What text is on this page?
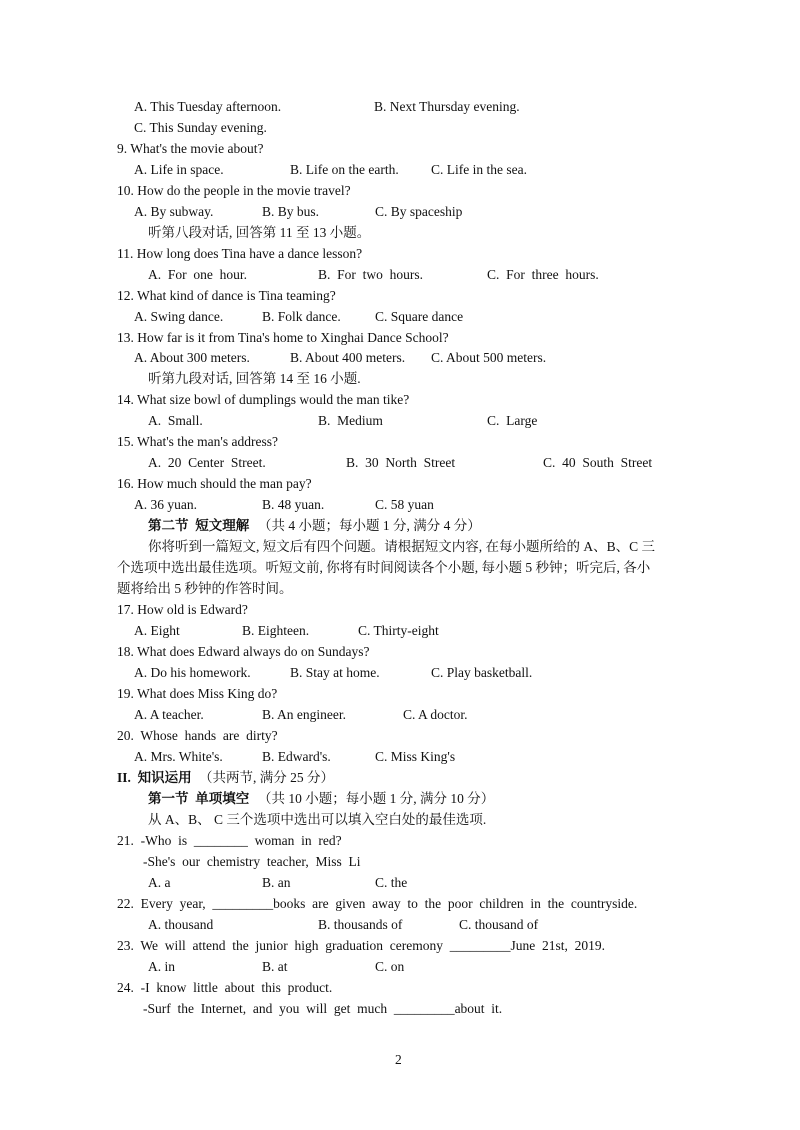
A. This Tuesday afternoon.	B. Next Thursday evening.
C. This Sunday evening.
9. What's the movie about?
A. Life in space.	B. Life on the earth. C. Life in the sea.
10. How do the people in the movie travel?
A. By subway.	B. By bus.	C. By spaceship
听第八段对话, 回答第 11 至 13 小题。
11. How long does Tina have a dance lesson?
A.  For  one  hour.	B.  For  two  hours.	C.  For  three  hours.
12. What kind of dance is Tina teaming?
A. Swing dance.	B. Folk dance.	C. Square dance
13. How far is it from Tina's home to Xinghai Dance School?
A. About 300 meters.	B. About 400 meters. C. About 500 meters.
听第九段对话, 回答第 14 至 16 小题.
14. What size bowl of dumplings would the man tike?
A.  Small.	B.  Medium	C.  Large
15. What's the man's address?
A.  20  Center  Street.	B.  30  North  Street	C.  40  South  Street
16. How much should the man pay?
A. 36 yuan.	B. 48 yuan.	C. 58 yuan
第二节  短文理解 （共 4 小题；每小题 1 分, 满分 4 分）
你将听到一篇短文, 短文后有四个问题。请根据短文内容, 在每小题所给的 A、B、C 三
个选项中选出最佳选项。听短文前, 你将有时间阅读各个小题, 每小题 5 秒钟；听完后, 各小
题将给出 5 秒钟的作答时间。
17. How old is Edward?
A. Eight	B. Eighteen.	C. Thirty-eight
18. What does Edward always do on Sundays?
A. Do his homework.	B. Stay at home.	C. Play basketball.
19. What does Miss King do?
A. A teacher.	B. An engineer.	C. A doctor.
20.  Whose  hands  are  dirty?
A. Mrs. White's.	B. Edward's.	C. Miss King's
II.  知识运用 （共两节, 满分 25 分）
第一节  单项填空 （共 10 小题；每小题 1 分, 满分 10 分）
从 A、B、 C 三个选项中选出可以填入空白处的最佳选项.
21.  -Who  is  ________  woman  in  red?
-She's  our  chemistry  teacher,  Miss  Li
A. a	B. an	C. the
22.  Every  year,  _________books  are  given  away  to  the  poor  children  in  the  countryside.
A. thousand	B. thousands of	C. thousand of
23.  We  will  attend  the  junior  high  graduation  ceremony  _________June  21st,  2019.
A. in	B. at	C. on
24.  -I  know  little  about  this  product.
-Surf  the  Internet,  and  you  will  get  much  _________about  it.
2
